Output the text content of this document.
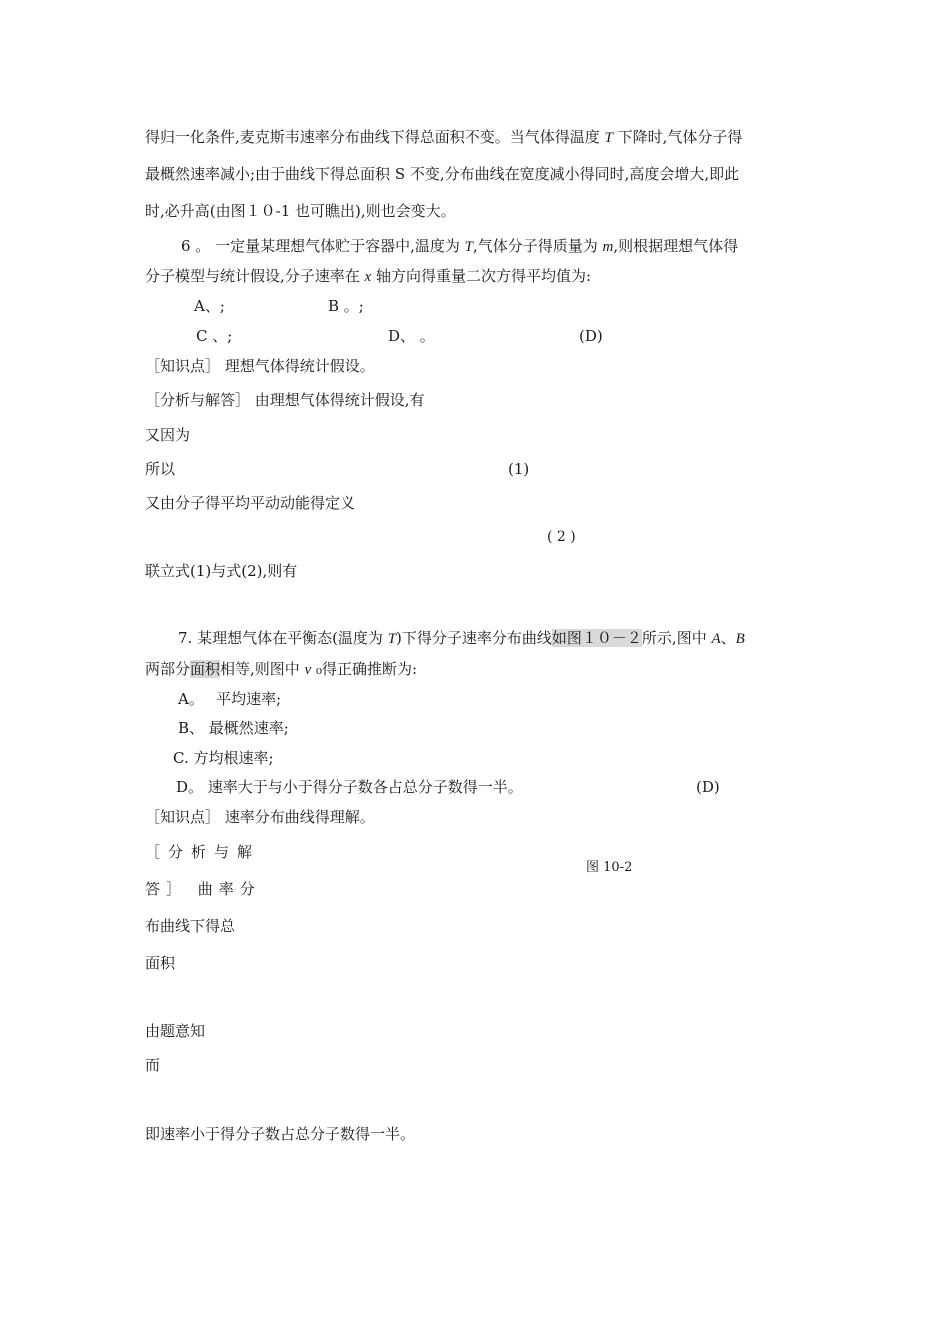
得归一化条件,麦克斯韦速率分布曲线下得总面积不变。当气体得温度 T 下降时,气体分子得
最概然速率减小;由于曲线下得总面积 S 不变,分布曲线在宽度减小得同时,高度会增大,即此
时,必升高(由图１０-1 也可瞧出),则也会变大。
6 。 一定量某理想气体贮于容器中,温度为 T,气体分子得质量为 m,则根据理想气体得
分子模型与统计假设,分子速率在 x 轴方向得重量二次方得平均值为:
A、;	B 。;
C 、;	D、 。	(D)
［知识点］ 理想气体得统计假设。
［分析与解答］ 由理想气体得统计假设,有
又因为
所以	(1)
又由分子得平均平动动能得定义
( 2 )
联立式(1)与式(2),则有
7. 某理想气体在平衡态(温度为 T)下得分子速率分布曲线如图１０－２所示,图中 A、B
两部分面积相等,则图中 v ₀得正确推断为:
A。　 平均速率;
B、 最概然速率;
C. 方均根速率;
D。 速率大于与小于得分子数各占总分子数得一半。	(D)
［知识点］ 速率分布曲线得理解。
［分析与解
图 10-2
答］ 曲率分
布曲线下得总
面积
由题意知
而
即速率小于得分子数占总分子数得一半。
